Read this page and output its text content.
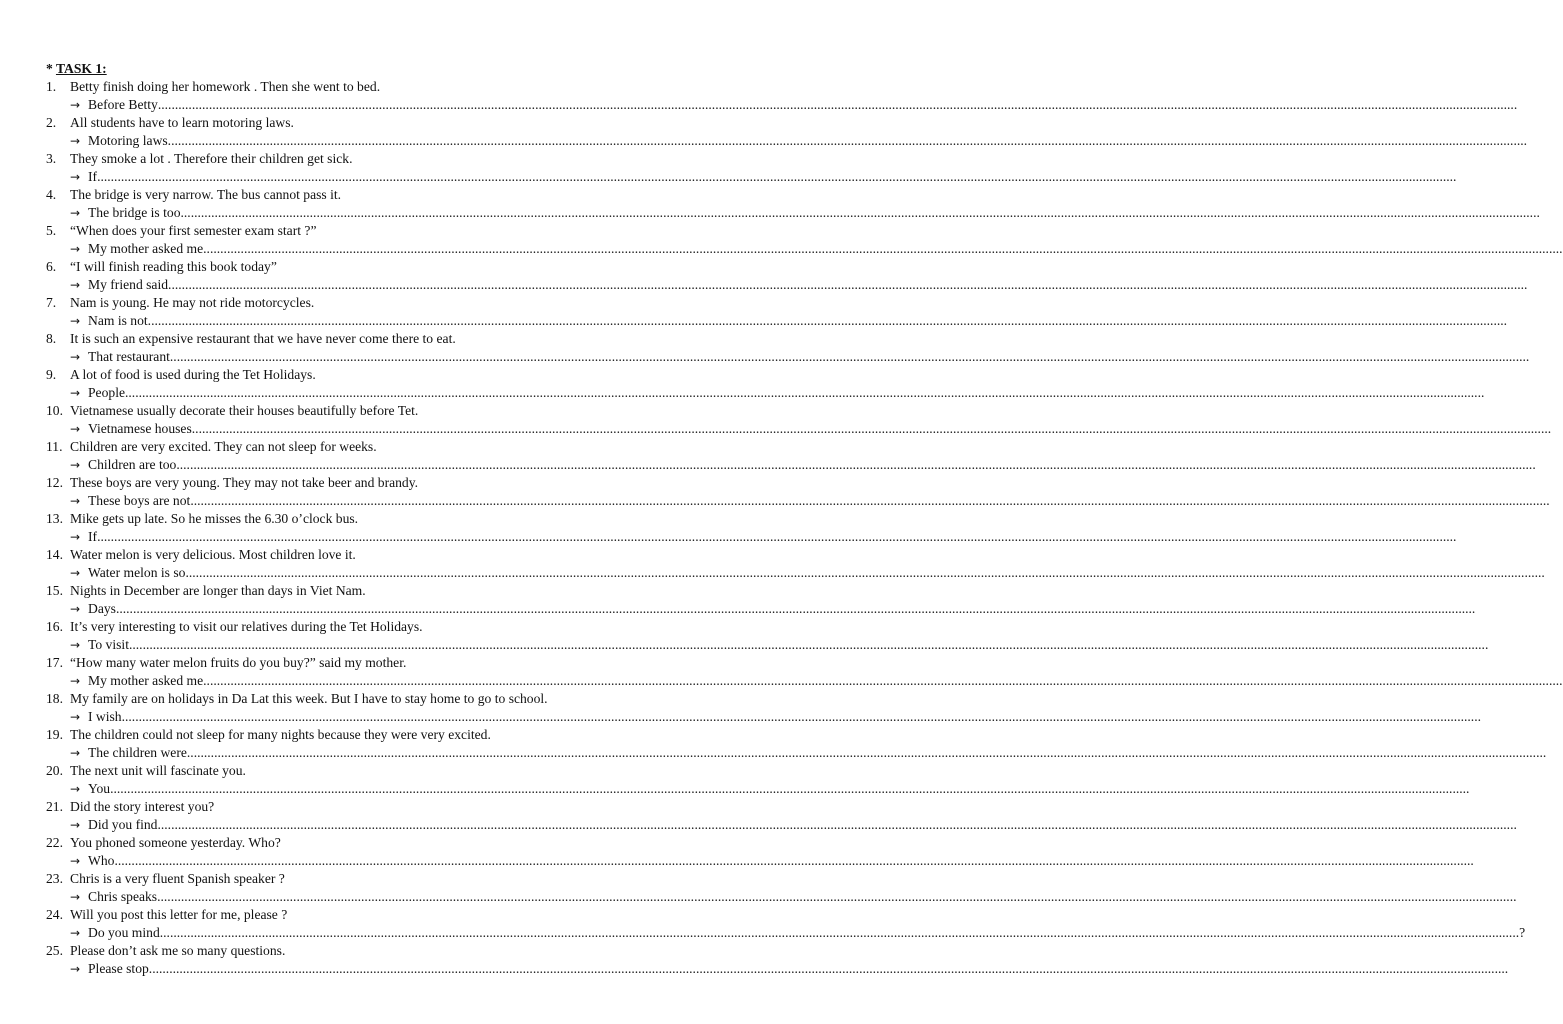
* TASK 1:
1.	Betty finish doing her homework . Then she went to bed.
→ Before Betty ................................................................................................................................................................................................................................................................................................................................................................................................................
2.	All students have to learn motoring laws.
→ Motoring laws ................................................................................................................................................................................................................................................................................................................................................................................................................
3.	They smoke a lot . Therefore their children get sick.
→ If ................................................................................................................................................................................................................................................................................................................................................................................................................
4.	The bridge is very narrow. The bus cannot pass it.
→ The bridge is too ................................................................................................................................................................................................................................................................................................................................................................................................................
5.	“When does your first semester exam start ?”
→ My mother asked me ................................................................................................................................................................................................................................................................................................................................................................................................................
6.	“I will finish reading this book today”
→ My friend said ................................................................................................................................................................................................................................................................................................................................................................................................................
7.	Nam is young. He may not ride motorcycles.
→ Nam is not ................................................................................................................................................................................................................................................................................................................................................................................................................
8.	It is such an expensive restaurant that we have never come there to eat.
→ That restaurant ................................................................................................................................................................................................................................................................................................................................................................................................................
9.	A lot of food is used during the Tet Holidays.
→ People ................................................................................................................................................................................................................................................................................................................................................................................................................
10. Vietnamese usually decorate their houses beautifully before Tet.
→ Vietnamese houses ................................................................................................................................................................................................................................................................................................................................................................................................................
11. Children are very excited. They can not sleep for weeks.
→ Children are too ................................................................................................................................................................................................................................................................................................................................................................................................................
12. These boys are very young. They may not take beer and brandy.
→ These boys are not ................................................................................................................................................................................................................................................................................................................................................................................................................
13. Mike gets up late. So he misses the 6.30 o’clock bus.
→ If ................................................................................................................................................................................................................................................................................................................................................................................................................
14. Water melon is very delicious. Most children love it.
→ Water melon is so ................................................................................................................................................................................................................................................................................................................................................................................................................
15. Nights in December are longer than days in Viet Nam.
→ Days ................................................................................................................................................................................................................................................................................................................................................................................................................
16. It’s very interesting to visit our relatives during the Tet Holidays.
→ To visit ................................................................................................................................................................................................................................................................................................................................................................................................................
17. “How many water melon fruits do you buy?” said my mother.
→ My mother asked me ................................................................................................................................................................................................................................................................................................................................................................................................................
18. My family are on holidays in Da Lat this week. But I have to stay home to go to school.
→ I wish ................................................................................................................................................................................................................................................................................................................................................................................................................
19. The children could not sleep for many nights because they were very excited.
→ The children were ................................................................................................................................................................................................................................................................................................................................................................................................................
20. The next unit will fascinate you.
→ You ................................................................................................................................................................................................................................................................................................................................................................................................................
21. Did the story interest you?
→ Did you find ................................................................................................................................................................................................................................................................................................................................................................................................................
22. You phoned someone yesterday. Who?
→ Who ................................................................................................................................................................................................................................................................................................................................................................................................................
23. Chris is a very fluent Spanish speaker ?
→ Chris speaks ................................................................................................................................................................................................................................................................................................................................................................................................................
24. Will you post this letter for me, please ?
→ Do you mind ................................................................................................................................................................................................................................................................................................................................................................................................................ ?
25. Please don’t ask me so many questions.
→ Please stop ................................................................................................................................................................................................................................................................................................................................................................................................................
